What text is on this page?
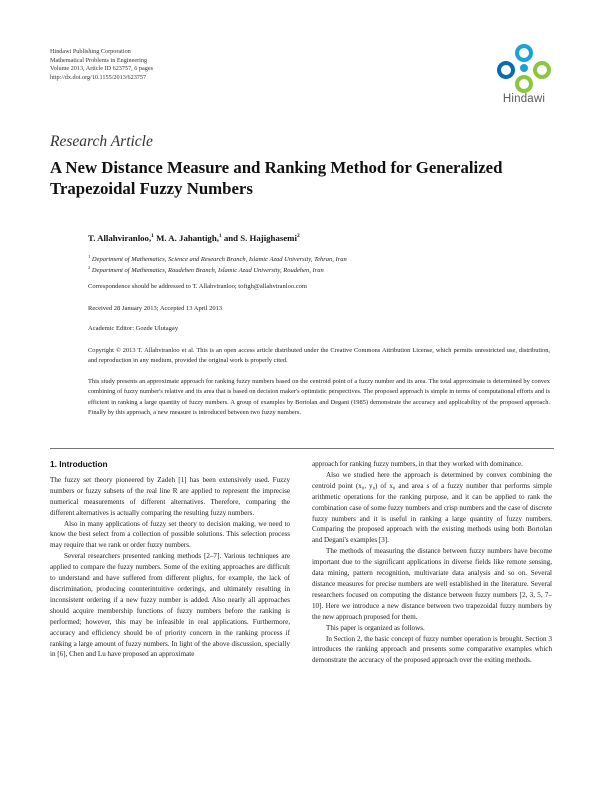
Hindawi Publishing Corporation
Mathematical Problems in Engineering
Volume 2013, Article ID 623757, 6 pages
http://dx.doi.org/10.1155/2013/623757
Hindawi
Research Article
A New Distance Measure and Ranking Method for Generalized Trapezoidal Fuzzy Numbers
T. Allahviranloo,$^1$ M. A. Jahantigh,$^1$ and S. Hajighasemi$^2$
$^1$ Department of Mathematics, Science and Research Branch, Islamic Azad University, Tehran, Iran
$^2$ Department of Mathematics, Roudehen Branch, Islamic Azad University, Roudehen, Iran
Correspondence should be addressed to T. Allahviranloo; tofigh@allahviranloo.com
Received 28 January 2013; Accepted 13 April 2013
Academic Editor: Gozde Ulutagay
Copyright © 2013 T. Allahviranloo et al. This is an open access article distributed under the Creative Commons Attribution License, which permits unrestricted use, distribution, and reproduction in any medium, provided the original work is properly cited.
This study presents an approximate approach for ranking fuzzy numbers based on the centroid point of a fuzzy number and its area. The total approximate is determined by convex combining of fuzzy number's relative and its area that is based on decision maker's optimistic perspectives. The proposed approach is simple in terms of computational efforts and is efficient in ranking a large quantity of fuzzy numbers. A group of examples by Bortolan and Degani (1985) demonstrate the accuracy and applicability of the proposed approach. Finally by this approach, a new measure is introduced between two fuzzy numbers.
1. Introduction

The fuzzy set theory pioneered by Zadeh [1] has been extensively used. Fuzzy numbers or fuzzy subsets of the real line R are applied to represent the imprecise numerical measurements of different alternatives. Therefore, comparing the different alternatives is actually comparing the resulting fuzzy numbers.

Also in many applications of fuzzy set theory to decision making, we need to know the best select from a collection of possible solutions. This selection process may require that we rank or order fuzzy numbers.

Several researchers presented ranking methods [2–7]. Various techniques are applied to compare the fuzzy numbers. Some of the exiting approaches are difficult to understand and have suffered from different plights, for example, the lack of discrimination, producing counterintuitive orderings, and ultimately resulting in inconsistent ordering if a new fuzzy number is added. Also nearly all approaches should acquire membership functions of fuzzy numbers before the ranking is performed; however, this may be infeasible in real applications. Furthermore, accuracy and efficiency should be of priority concern in the ranking process if ranking a large amount of fuzzy numbers. In light of the above discussion, specially in [6], Chen and Lu have proposed an approximate

approach for ranking fuzzy numbers, in that they worked with dominance.

Also we studied here the approach is determined by convex combining the centroid point (x₀, y₀) of x₀ and area s of a fuzzy number that performs simple arithmetic operations for the ranking purpose, and it can be applied to rank the combination case of some fuzzy numbers and crisp numbers and the case of discrete fuzzy numbers and it is useful in ranking a large quantity of fuzzy numbers. Comparing the proposed approach with the existing methods using both Bortolan and Degani's examples [3].

The methods of measuring the distance between fuzzy numbers have become important due to the significant applications in diverse fields like remote sensing, data mining, pattern recognition, multivariate data analysis and so on. Several distance measures for precise numbers are well established in the literature. Several researchers focused on computing the distance between fuzzy numbers [2, 3, 5, 7–10]. Here we introduce a new distance between two trapezoidal fuzzy numbers by the new approach proposed for them.

This paper is organized as follows.

In Section 2, the basic concept of fuzzy number operation is brought. Section 3 introduces the ranking approach and presents some comparative examples which demonstrate the accuracy of the proposed approach over the exiting methods.
